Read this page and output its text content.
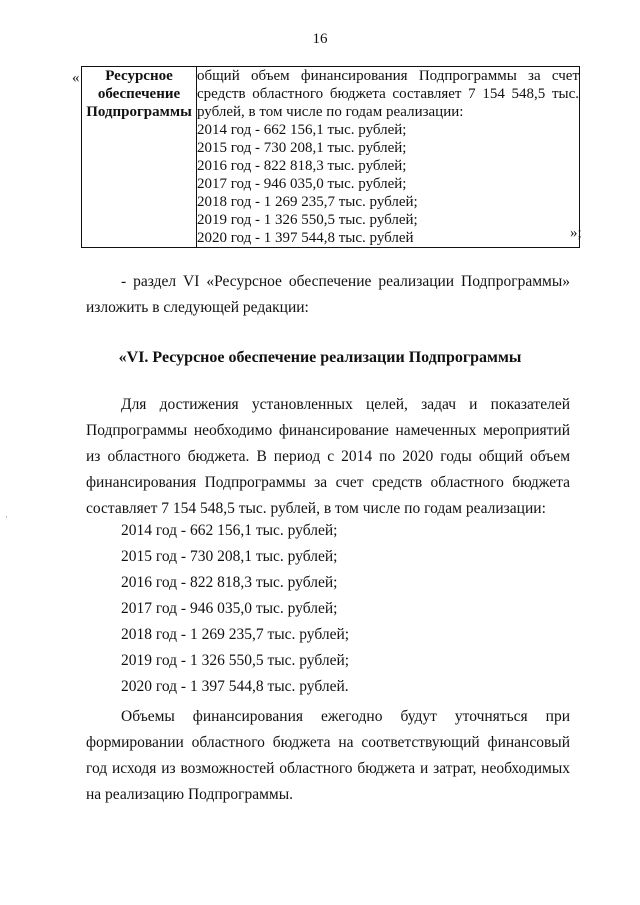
16
«	Ресурсное
обеспечение
Подпрограммы

общий объем финансирования Подпрограммы за счет средств областного бюджета составляет 7 154 548,5 тыс. рублей, в том числе по годам реализации:
2014 год - 662 156,1 тыс. рублей;
2015 год - 730 208,1 тыс. рублей;
2016 год - 822 818,3 тыс. рублей;
2017 год - 946 035,0 тыс. рублей;
2018 год - 1 269 235,7 тыс. рублей;
2019 год - 1 326 550,5 тыс. рублей;
2020 год - 1 397 544,8 тыс. рублей	»;
- раздел VI «Ресурсное обеспечение реализации Подпрограммы» изложить в следующей редакции:
«VI. Ресурсное обеспечение реализации Подпрограммы
Для достижения установленных целей, задач и показателей Подпрограммы необходимо финансирование намеченных мероприятий из областного бюджета. В период с 2014 по 2020 годы общий объем финансирования Подпрограммы за счет средств областного бюджета составляет 7 154 548,5 тыс. рублей, в том числе по годам реализации:
2014 год - 662 156,1 тыс. рублей;
2015 год - 730 208,1 тыс. рублей;
2016 год - 822 818,3 тыс. рублей;
2017 год - 946 035,0 тыс. рублей;
2018 год - 1 269 235,7 тыс. рублей;
2019 год - 1 326 550,5 тыс. рублей;
2020 год - 1 397 544,8 тыс. рублей.
Объемы финансирования ежегодно будут уточняться при формировании областного бюджета на соответствующий финансовый год исходя из возможностей областного бюджета и затрат, необходимых на реализацию Подпрограммы.
·
